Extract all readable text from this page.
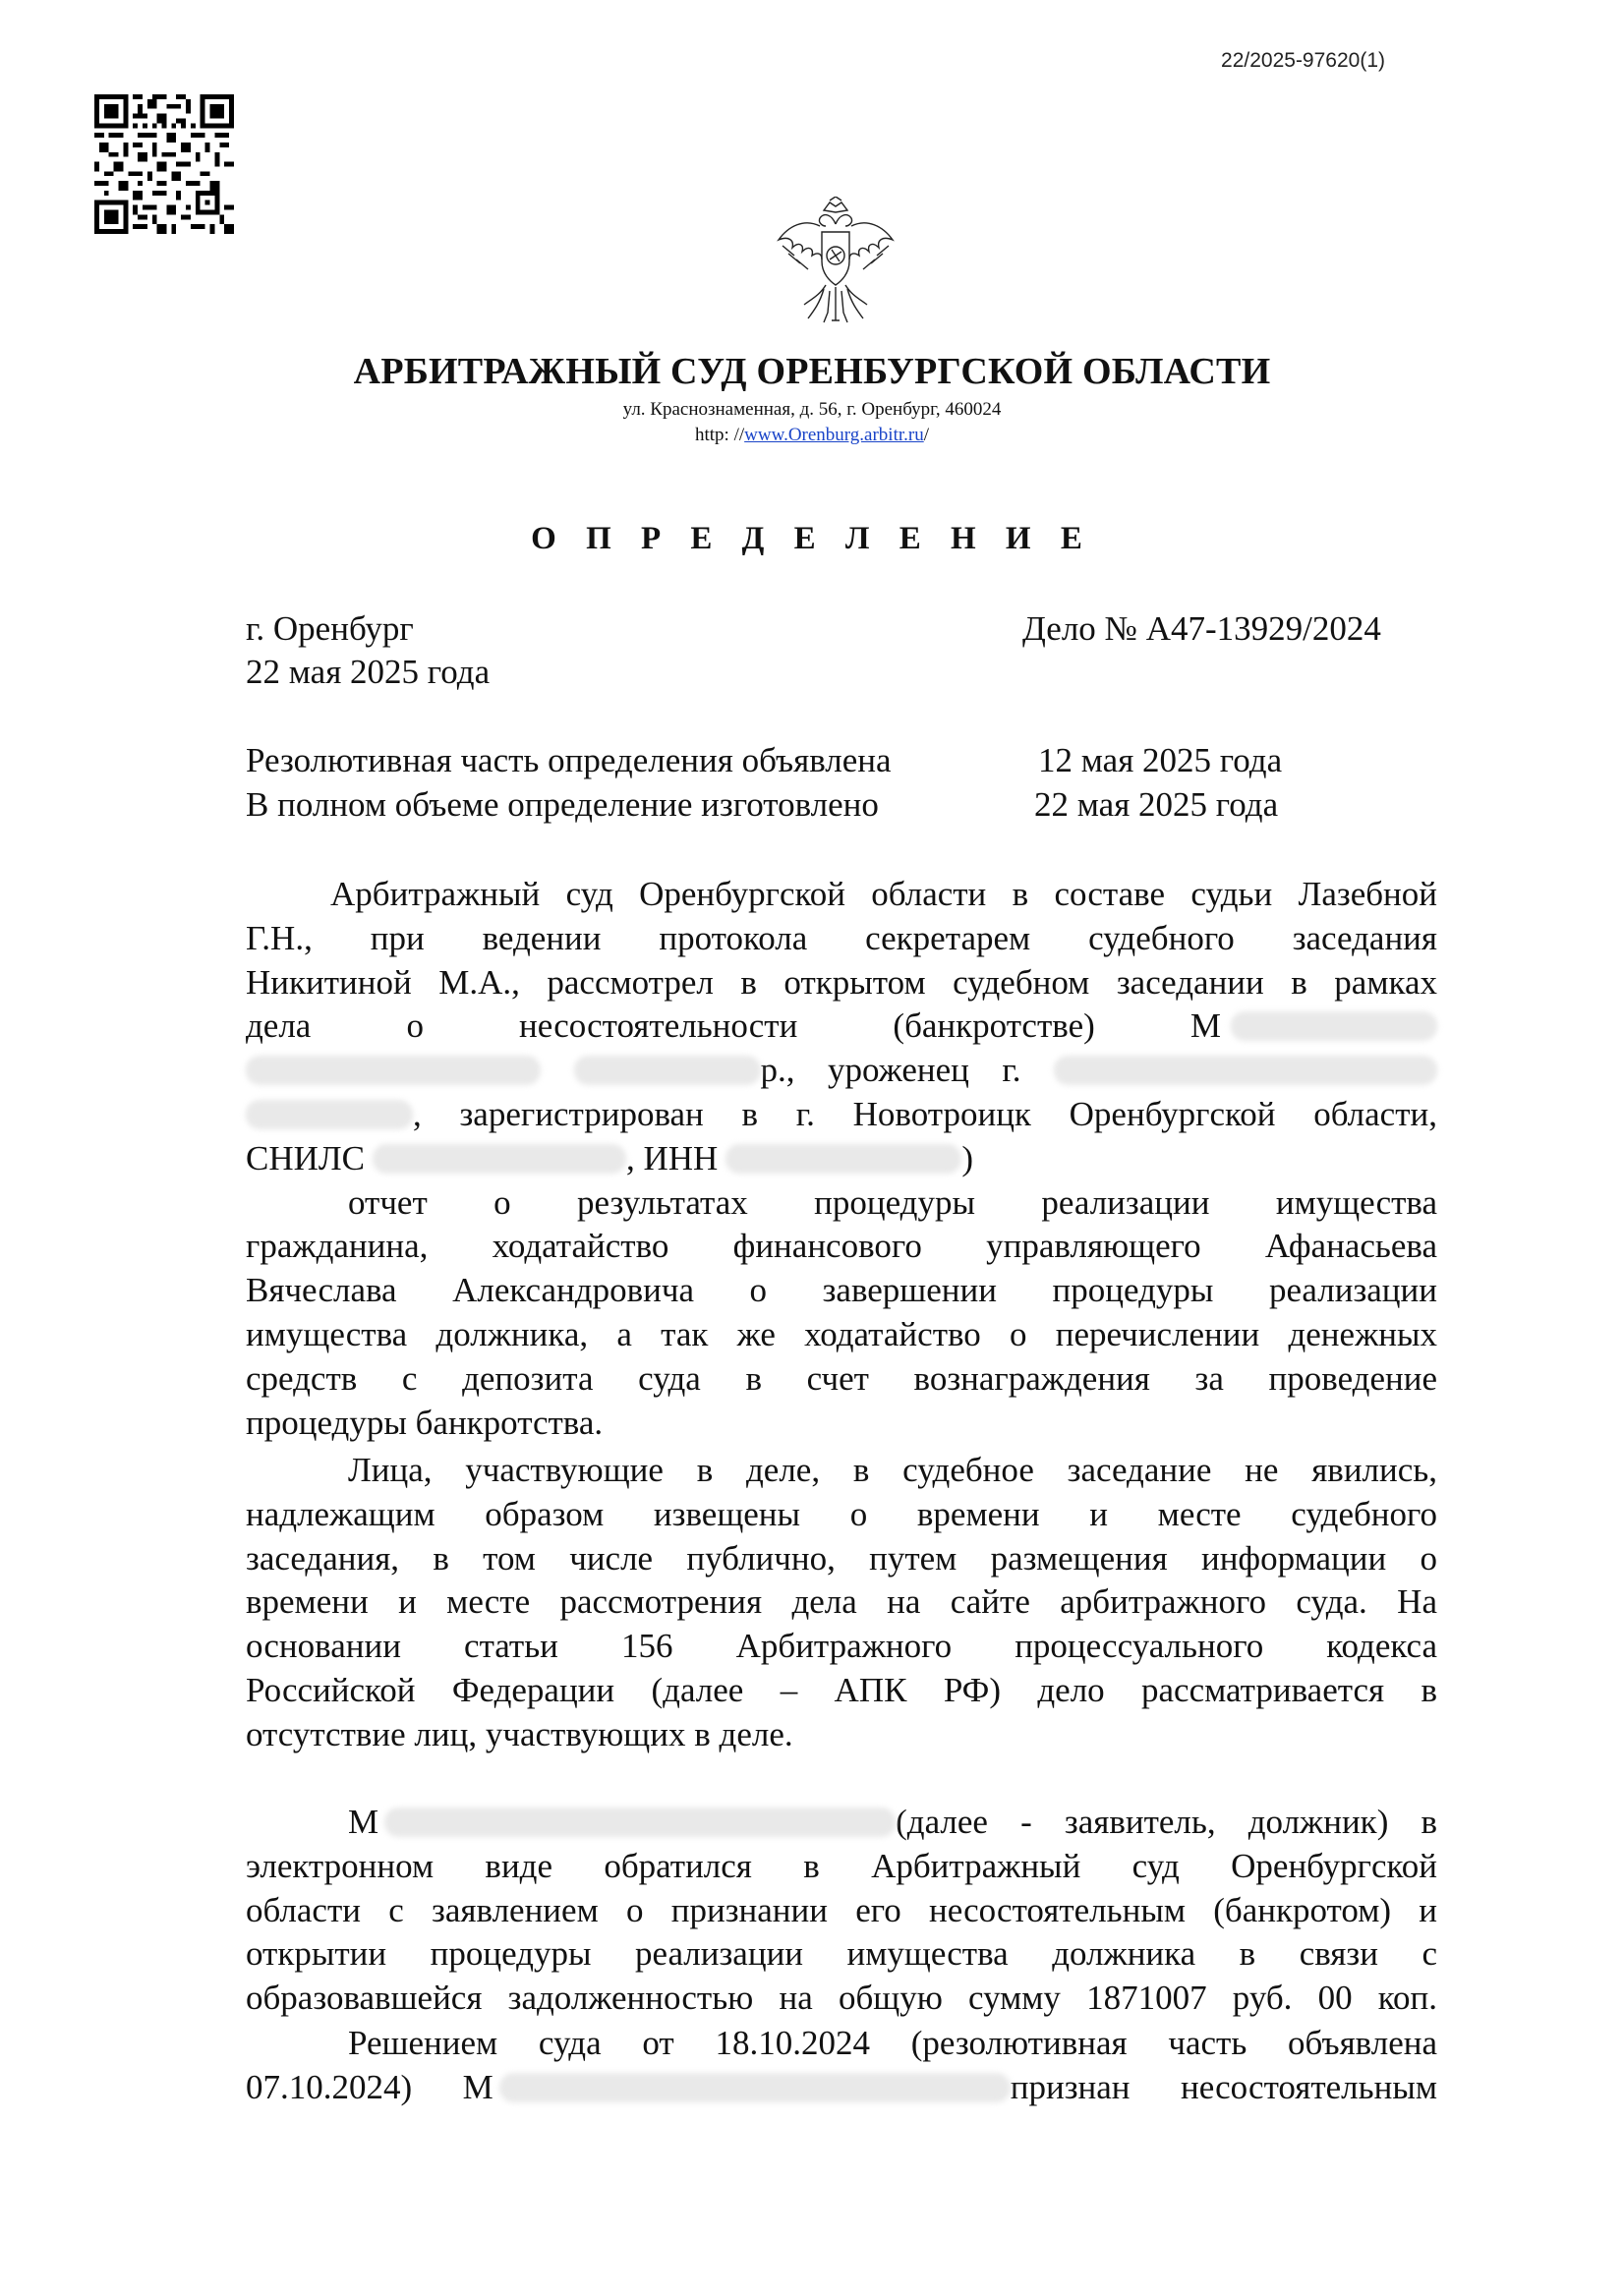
22/2025-97620(1)
АРБИТРАЖНЫЙ СУД ОРЕНБУРГСКОЙ ОБЛАСТИ
ул. Краснознаменная, д. 56, г. Оренбург, 460024
http: //www.Orenburg.arbitr.ru/
О П Р Е Д Е Л Е Н И Е
г. Оренбург	Дело № А47-13929/2024
22 мая 2025 года
Резолютивная часть определения объявлена	12 мая 2025 года
В полном объеме определение изготовлено	22 мая 2025 года
Арбитражный суд Оренбургской области в составе судьи Лазебной
Г.Н., при ведении протокола секретарем судебного заседания
Никитиной М.А., рассмотрел в открытом судебном заседании в рамках
дела о несостоятельности (банкротстве) М
р., уроженец г.
, зарегистрирован в г. Новотроицк Оренбургской области,
СНИЛС	, ИНН	)
отчет о результатах процедуры реализации имущества
гражданина, ходатайство финансового управляющего Афанасьева
Вячеслава Александровича о завершении процедуры реализации
имущества должника, а так же ходатайство о перечислении денежных
средств с депозита суда в счет вознаграждения за проведение
процедуры банкротства.
Лица, участвующие в деле, в судебное заседание не явились,
надлежащим образом извещены о времени и месте судебного
заседания, в том числе публично, путем размещения информации о
времени и месте рассмотрения дела на сайте арбитражного суда. На
основании статьи 156 Арбитражного процессуального кодекса
Российской Федерации (далее – АПК РФ) дело рассматривается в
отсутствие лиц, участвующих в деле.
М	(далее - заявитель, должник) в
электронном виде обратился в Арбитражный суд Оренбургской
области с заявлением о признании его несостоятельным (банкротом) и
открытии процедуры реализации имущества должника в связи с
образовавшейся задолженностью на общую сумму 1871007 руб. 00 коп.
Решением суда от 18.10.2024 (резолютивная часть объявлена
07.10.2024) М	признан несостоятельным
